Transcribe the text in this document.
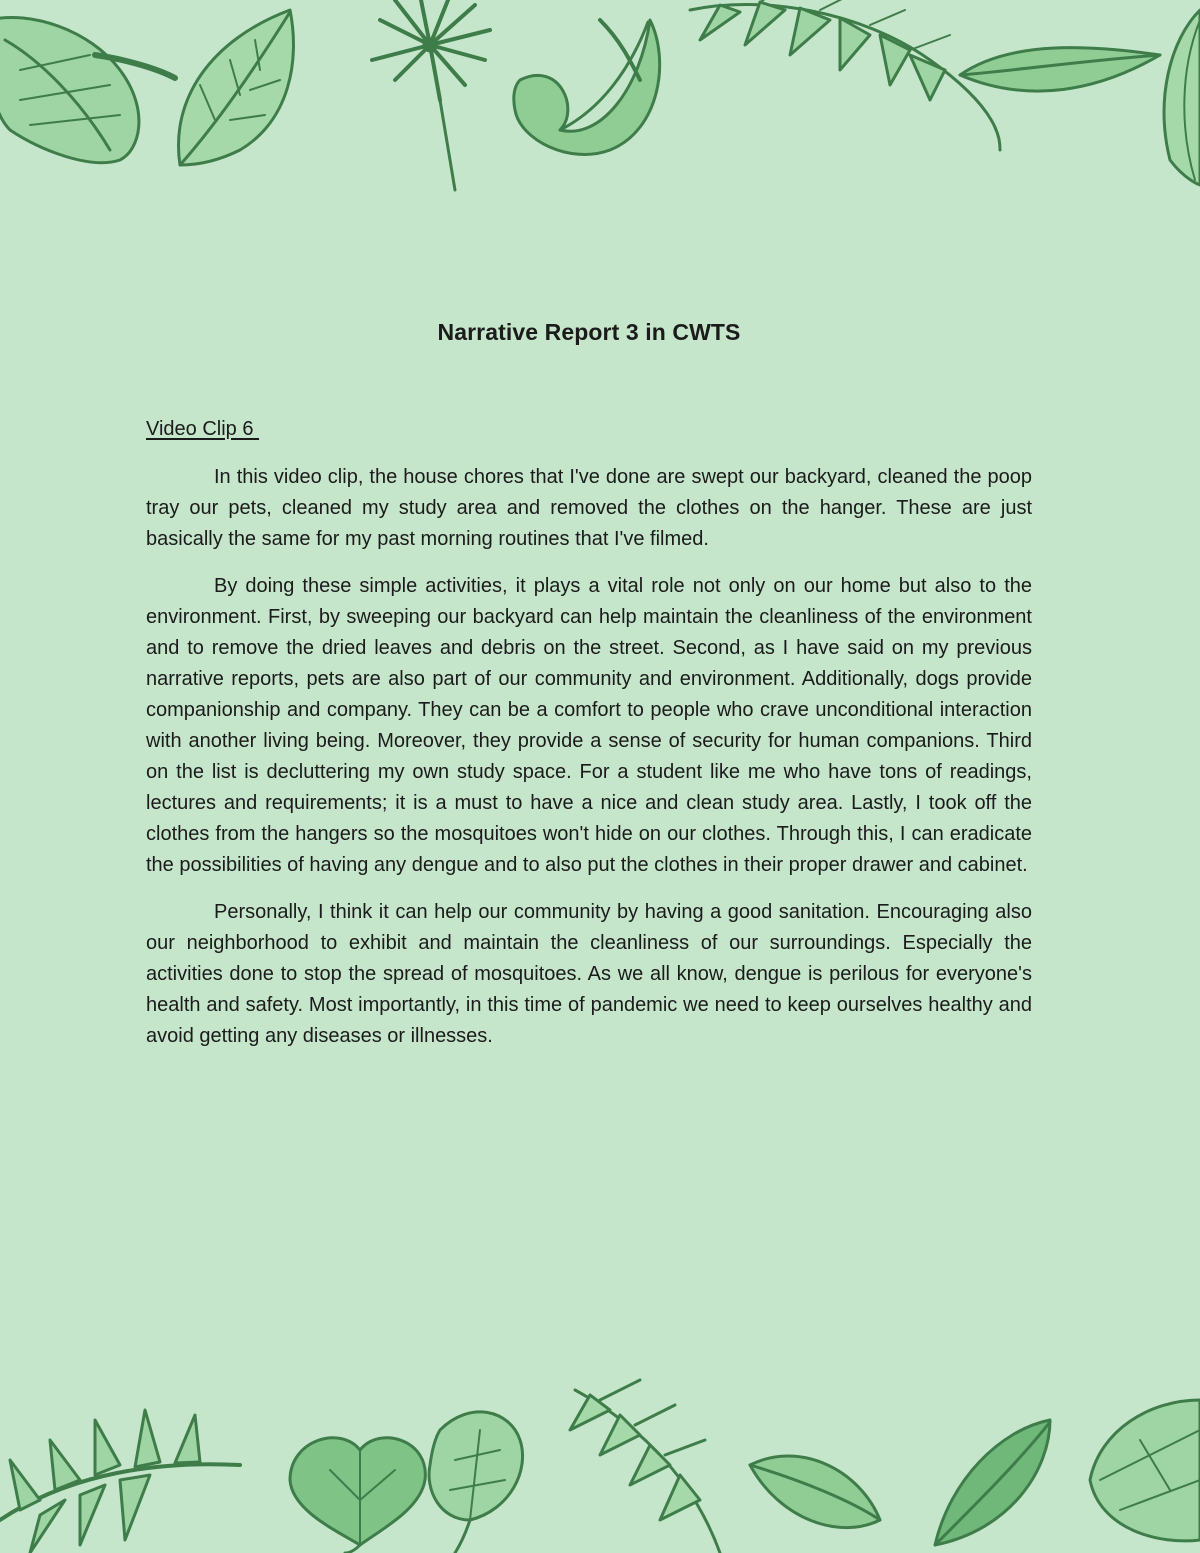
Narrative Report 3 in CWTS
Video Clip 6

In this video clip, the house chores that I've done are swept our backyard, cleaned the poop tray our pets, cleaned my study area and removed the clothes on the hanger. These are just basically the same for my past morning routines that I've filmed.

By doing these simple activities, it plays a vital role not only on our home but also to the environment. First, by sweeping our backyard can help maintain the cleanliness of the environment and to remove the dried leaves and debris on the street. Second, as I have said on my previous narrative reports, pets are also part of our community and environment. Additionally, dogs provide companionship and company. They can be a comfort to people who crave unconditional interaction with another living being. Moreover, they provide a sense of security for human companions. Third on the list is decluttering my own study space. For a student like me who have tons of readings, lectures and requirements; it is a must to have a nice and clean study area. Lastly, I took off the clothes from the hangers so the mosquitoes won't hide on our clothes. Through this, I can eradicate the possibilities of having any dengue and to also put the clothes in their proper drawer and cabinet.

Personally, I think it can help our community by having a good sanitation. Encouraging also our neighborhood to exhibit and maintain the cleanliness of our surroundings. Especially the activities done to stop the spread of mosquitoes. As we all know, dengue is perilous for everyone's health and safety. Most importantly, in this time of pandemic we need to keep ourselves healthy and avoid getting any diseases or illnesses.
